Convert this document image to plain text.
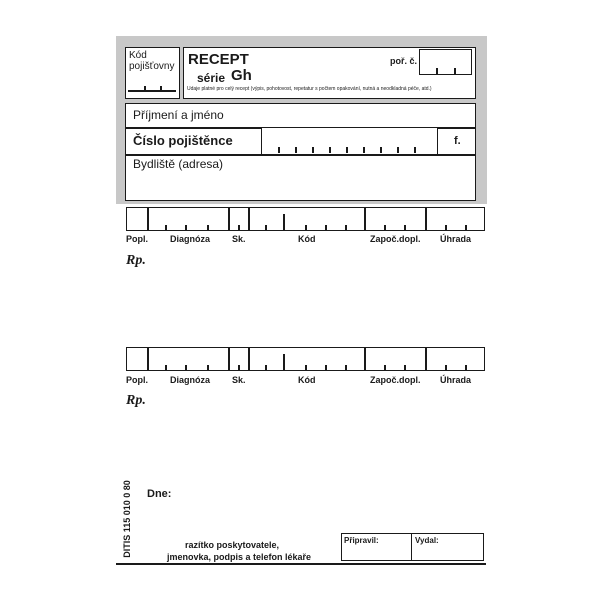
Kód pojišťovny RECEPT
série Gh
poř. č.
Údaje platné pro celý recept (výpis, pohotovost, repetatur s počtem opakování, nutná a neodkladná péče, atd.)
Příjmení a jméno
Číslo pojištěnce	f.
Bydliště (adresa)
Popl. Diagnóza Sk.	Kód	Započ.dopl. Úhrada
Rp.
Popl. Diagnóza Sk.	Kód	Započ.dopl. Úhrada
Rp.
DITIS 115 010 0 80 Dne:
razítko poskytovatele,
jmenovka, podpis a telefon lékaře
Připravil:	Vydal:
